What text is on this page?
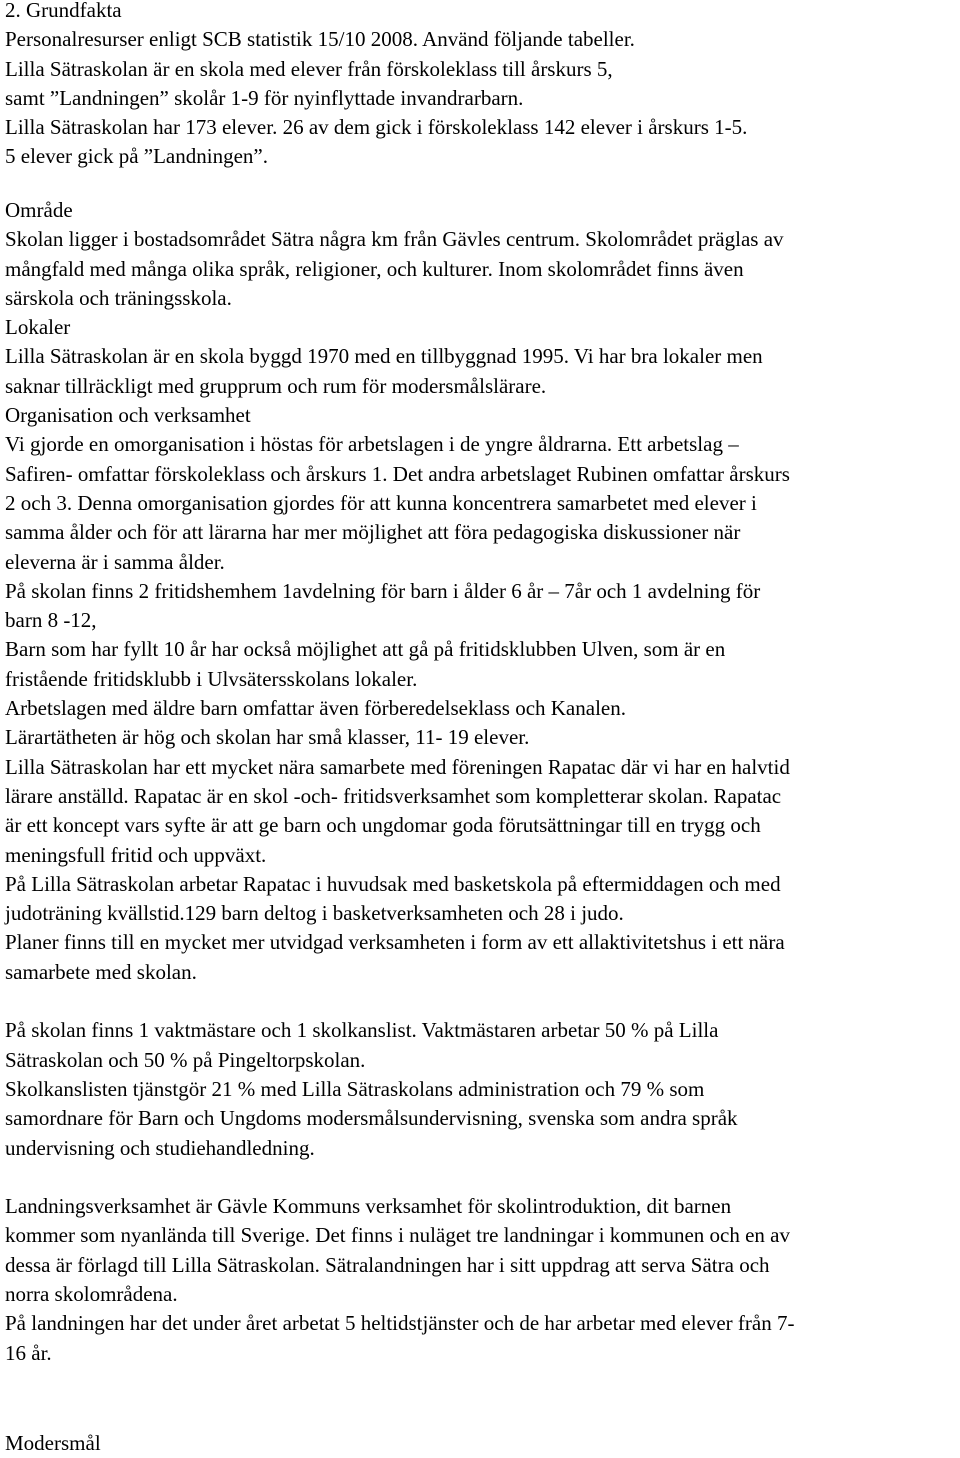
2. Grundfakta
Personalresurser enligt SCB statistik 15/10 2008. Använd följande tabeller.
Lilla Sätraskolan är en skola med elever från förskoleklass till årskurs 5,
samt ”Landningen” skolår 1-9 för nyinflyttade invandrarbarn.
Lilla Sätraskolan har 173 elever. 26 av dem gick i förskoleklass 142 elever i årskurs 1-5.
5 elever gick på ”Landningen”.
Område
Skolan ligger i bostadsområdet Sätra några km från Gävles centrum. Skolområdet präglas av
mångfald med många olika språk, religioner, och kulturer. Inom skolområdet finns även
särskola och träningsskola.
Lokaler
Lilla Sätraskolan är en skola byggd 1970 med en tillbyggnad 1995. Vi har bra lokaler men
saknar tillräckligt med grupprum och rum för modersmålslärare.
Organisation och verksamhet
Vi gjorde en omorganisation i höstas för arbetslagen i de yngre åldrarna. Ett arbetslag –
Safiren- omfattar förskoleklass och årskurs 1. Det andra arbetslaget Rubinen omfattar årskurs
2 och 3. Denna omorganisation gjordes för att kunna koncentrera samarbetet med elever i
samma ålder och för att lärarna har mer möjlighet att föra pedagogiska diskussioner när
eleverna är i samma ålder.
På skolan finns 2 fritidshemhem 1avdelning för barn i ålder 6 år – 7år och 1 avdelning för
barn 8 -12,
Barn som har fyllt 10 år har också möjlighet att gå på fritidsklubben Ulven, som är en
fristående fritidsklubb i Ulvsätersskolans lokaler.
Arbetslagen med äldre barn omfattar även förberedelseklass och Kanalen.
Lärartätheten är hög och skolan har små klasser, 11- 19 elever.
Lilla Sätraskolan har ett mycket nära samarbete med föreningen Rapatac där vi har en halvtid
lärare anställd. Rapatac är en skol -och- fritidsverksamhet som kompletterar skolan. Rapatac
är ett koncept vars syfte är att ge barn och ungdomar goda förutsättningar till en trygg och
meningsfull fritid och uppväxt.
På Lilla Sätraskolan arbetar Rapatac i huvudsak med basketskola på eftermiddagen och med
judoträning kvällstid.129 barn deltog i basketverksamheten och 28 i judo.
Planer finns till en mycket mer utvidgad verksamheten i form av ett allaktivitetshus i ett nära
samarbete med skolan.
På skolan finns 1 vaktmästare och 1 skolkanslist. Vaktmästaren arbetar 50 % på Lilla
Sätraskolan och 50 % på Pingeltorpskolan.
Skolkanslisten tjänstgör 21 % med Lilla Sätraskolans administration och 79 % som
samordnare för Barn och Ungdoms modersmålsundervisning, svenska som andra språk
undervisning och studiehandledning.
Landningsverksamhet är Gävle Kommuns verksamhet för skolintroduktion, dit barnen
kommer som nyanlända till Sverige. Det finns i nuläget tre landningar i kommunen och en av
dessa är förlagd till Lilla Sätraskolan. Sätralandningen har i sitt uppdrag att serva Sätra och
norra skolområdena.
På landningen har det under året arbetat 5 heltidstjänster och de har arbetar med elever från 7-
16 år.
Modersmål
